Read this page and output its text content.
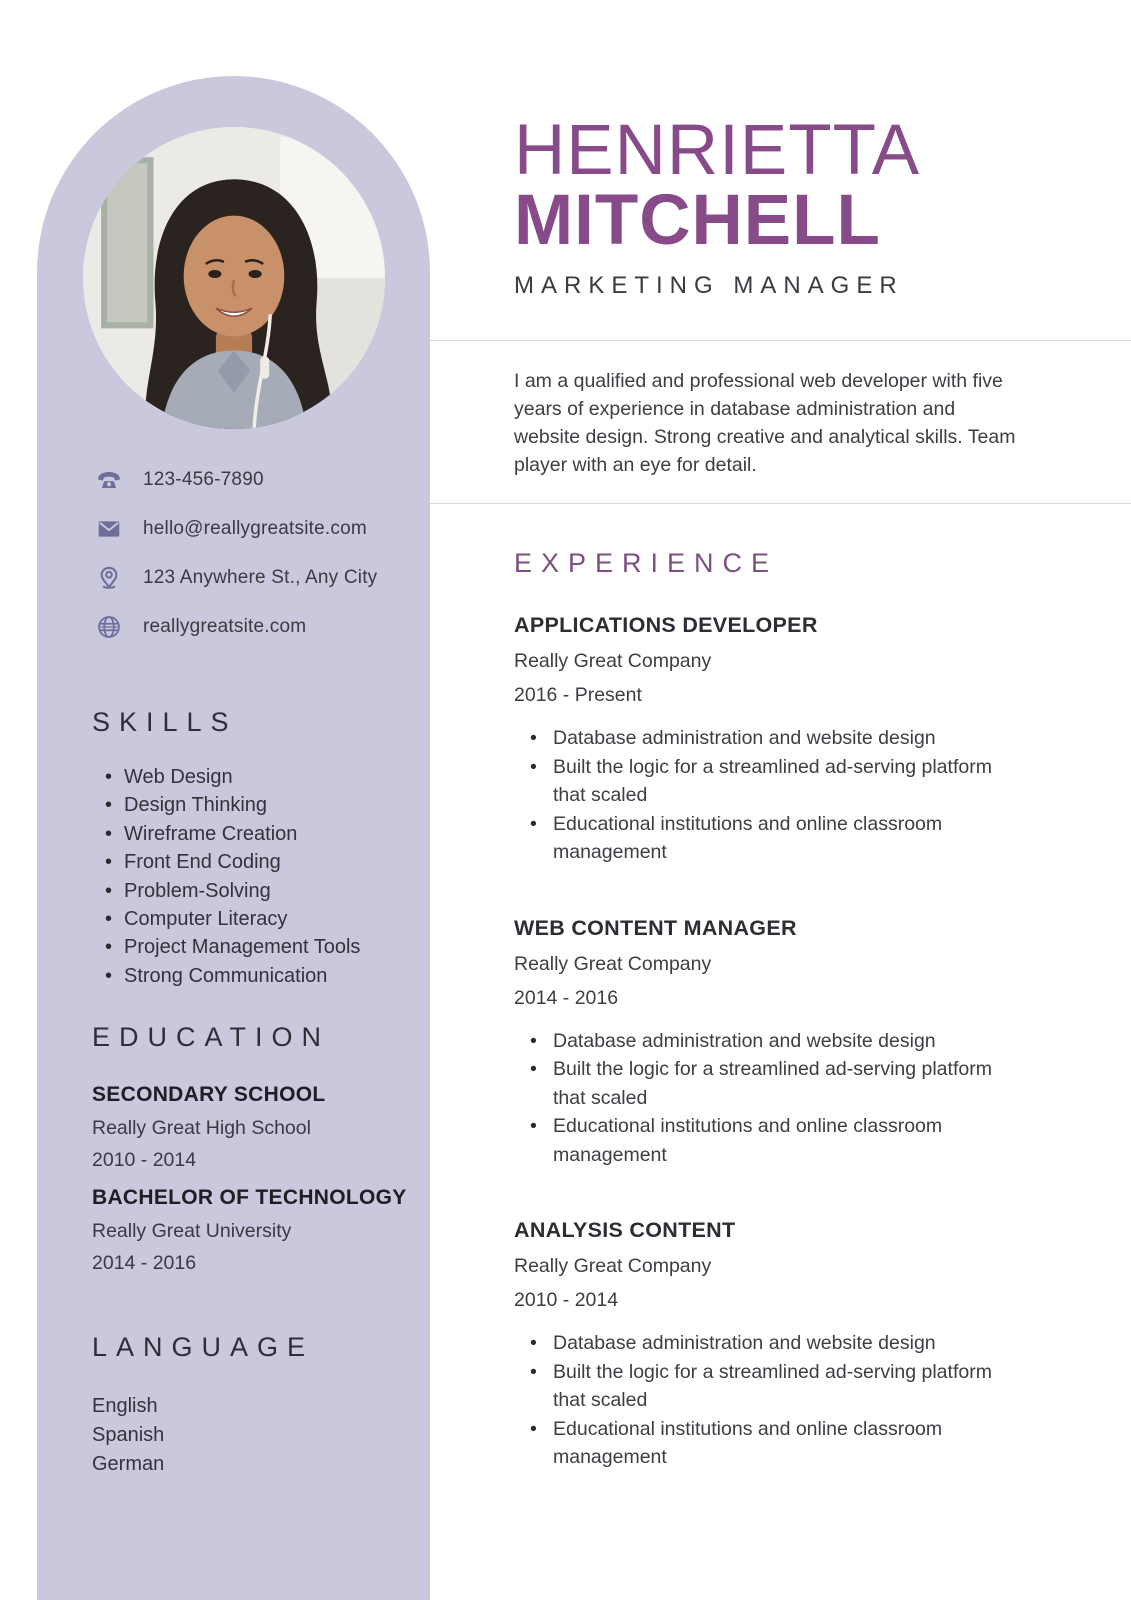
123-456-7890
hello@reallygreatsite.com
123 Anywhere St., Any City
reallygreatsite.com
SKILLS
• Web Design
• Design Thinking
• Wireframe Creation
• Front End Coding
• Problem-Solving
• Computer Literacy
• Project Management Tools
• Strong Communication
EDUCATION
SECONDARY SCHOOL
Really Great High School
2010 - 2014
BACHELOR OF TECHNOLOGY
Really Great University
2014 - 2016
LANGUAGE
English
Spanish
German
HENRIETTA
MITCHELL
MARKETING MANAGER

I am a qualified and professional web developer with five years of experience in database administration and website design. Strong creative and analytical skills. Team player with an eye for detail.

EXPERIENCE
APPLICATIONS DEVELOPER
Really Great Company
2016 - Present
• Database administration and website design
• Built the logic for a streamlined ad-serving platform that scaled
• Educational institutions and online classroom management
WEB CONTENT MANAGER
Really Great Company
2014 - 2016
• Database administration and website design
• Built the logic for a streamlined ad-serving platform that scaled
• Educational institutions and online classroom management
ANALYSIS CONTENT
Really Great Company
2010 - 2014
• Database administration and website design
• Built the logic for a streamlined ad-serving platform that scaled
• Educational institutions and online classroom management
